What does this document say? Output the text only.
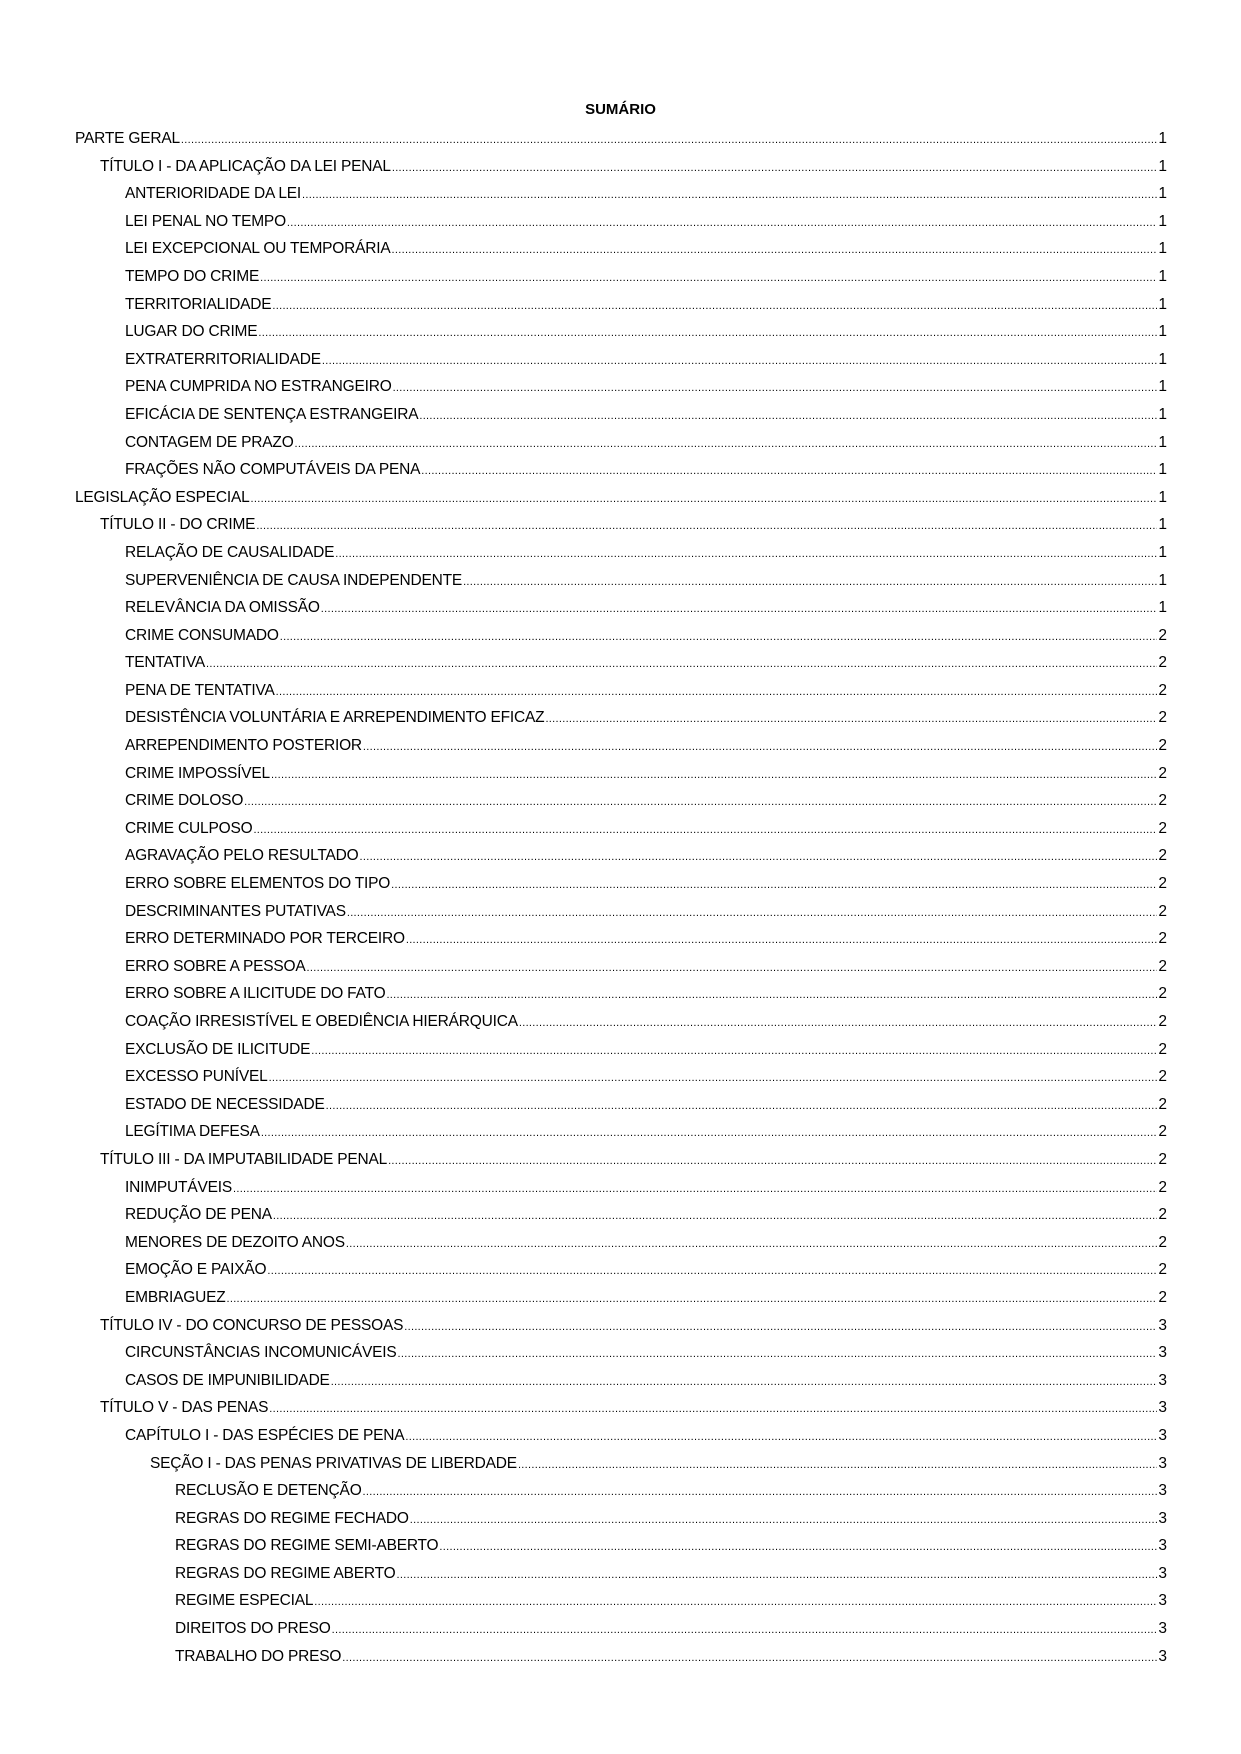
SUMÁRIO
PARTE GERAL .....	1
TÍTULO I - DA APLICAÇÃO DA LEI PENAL .....	1
ANTERIORIDADE DA LEI .....	1
LEI PENAL NO TEMPO .....	1
LEI EXCEPCIONAL OU TEMPORÁRIA .....	1
TEMPO DO CRIME .....	1
TERRITORIALIDADE .....	1
LUGAR DO CRIME .....	1
EXTRATERRITORIALIDADE .....	1
PENA CUMPRIDA NO ESTRANGEIRO .....	1
EFICÁCIA DE SENTENÇA ESTRANGEIRA .....	1
CONTAGEM DE PRAZO .....	1
FRAÇÕES NÃO COMPUTÁVEIS DA PENA .....	1
LEGISLAÇÃO ESPECIAL .....	1
TÍTULO II - DO CRIME .....	1
RELAÇÃO DE CAUSALIDADE .....	1
SUPERVENIÊNCIA DE CAUSA INDEPENDENTE .....	1
RELEVÂNCIA DA OMISSÃO .....	1
CRIME CONSUMADO .....	2
TENTATIVA .....	2
PENA DE TENTATIVA .....	2
DESISTÊNCIA VOLUNTÁRIA E ARREPENDIMENTO EFICAZ .....	2
ARREPENDIMENTO POSTERIOR .....	2
CRIME IMPOSSÍVEL .....	2
CRIME DOLOSO .....	2
CRIME CULPOSO .....	2
AGRAVAÇÃO PELO RESULTADO .....	2
ERRO SOBRE ELEMENTOS DO TIPO .....	2
DESCRIMINANTES PUTATIVAS .....	2
ERRO DETERMINADO POR TERCEIRO .....	2
ERRO SOBRE A PESSOA .....	2
ERRO SOBRE A ILICITUDE DO FATO .....	2
COAÇÃO IRRESISTÍVEL E OBEDIÊNCIA HIERÁRQUICA .....	2
EXCLUSÃO DE ILICITUDE .....	2
EXCESSO PUNÍVEL .....	2
ESTADO DE NECESSIDADE .....	2
LEGÍTIMA DEFESA .....	2
TÍTULO III - DA IMPUTABILIDADE PENAL .....	2
INIMPUTÁVEIS .....	2
REDUÇÃO DE PENA .....	2
MENORES DE DEZOITO ANOS .....	2
EMOÇÃO E PAIXÃO .....	2
EMBRIAGUEZ .....	2
TÍTULO IV - DO CONCURSO DE PESSOAS .....	3
CIRCUNSTÂNCIAS INCOMUNICÁVEIS .....	3
CASOS DE IMPUNIBILIDADE .....	3
TÍTULO V - DAS PENAS .....	3
CAPÍTULO I - DAS ESPÉCIES DE PENA .....	3
SEÇÃO I - DAS PENAS PRIVATIVAS DE LIBERDADE .....	3
RECLUSÃO E DETENÇÃO .....	3
REGRAS DO REGIME FECHADO .....	3
REGRAS DO REGIME SEMI-ABERTO .....	3
REGRAS DO REGIME ABERTO .....	3
REGIME ESPECIAL .....	3
DIREITOS DO PRESO .....	3
TRABALHO DO PRESO .....	3
